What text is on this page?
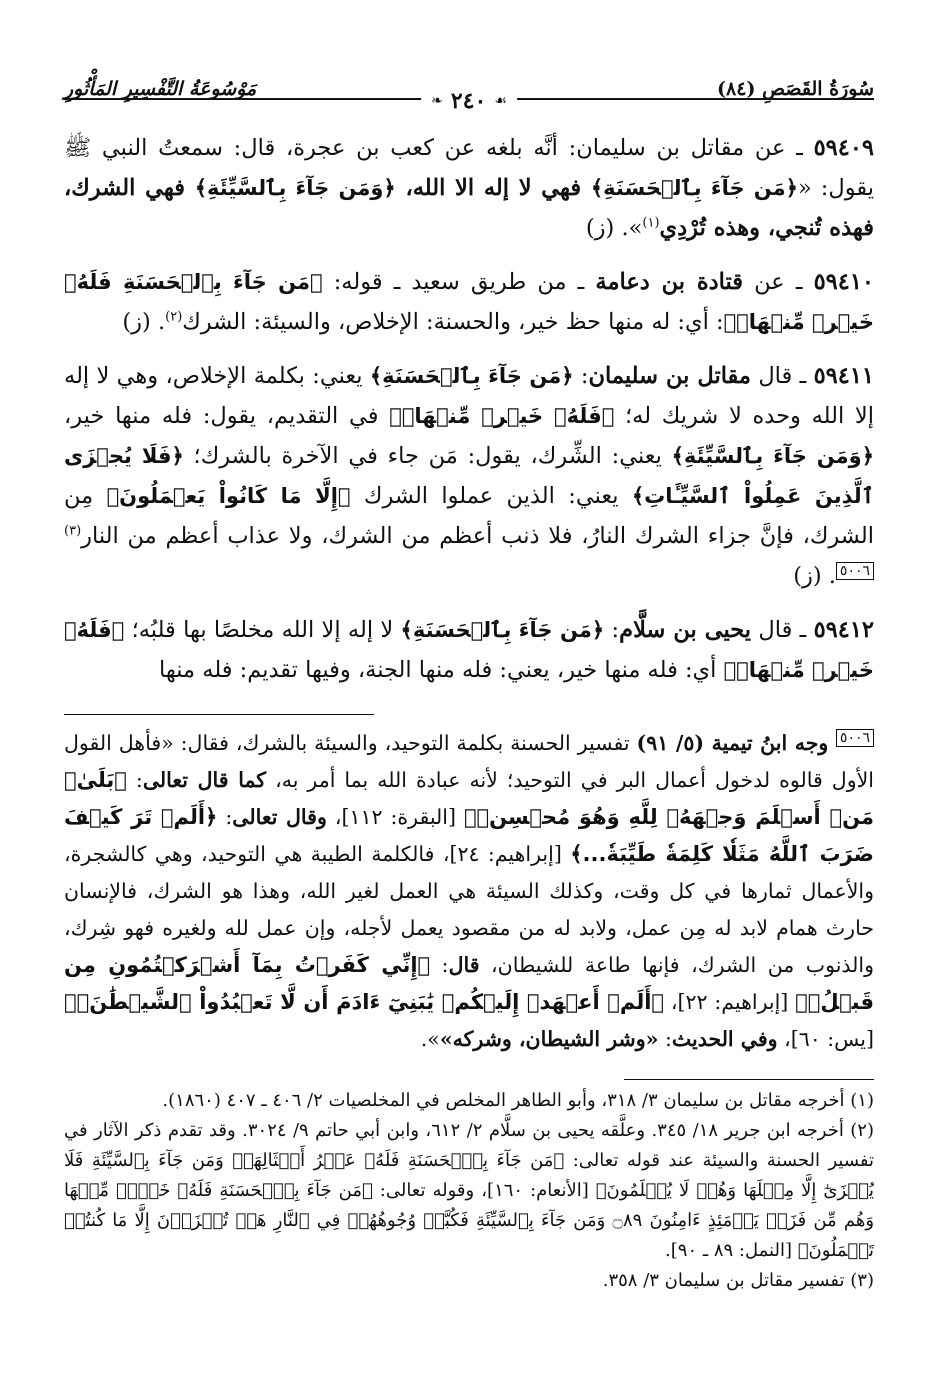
سُورَةُ القَصَصِ (٨٤)
مَوْسُوعَةُ التَّفْسِيرِ المَأْثُورِ
❧ ٢٤٠ ☙

٥٩٤٠٩ ـ عن مقاتل بن سليمان: أنَّه بلغه عن كعب بن عجرة، قال: سمعتُ النبي ﷺ يقول: «﴿مَن جَآءَ بِٱلۡحَسَنَةِ﴾ فهي لا إله الا الله، ﴿وَمَن جَآءَ بِٱلسَّيِّئَةِ﴾ فهي الشرك، فهذه تُنجي، وهذه تُرْدِي$^{(١)}$». (ز)

٥٩٤١٠ ـ عن قتادة بن دعامة ـ من طريق سعيد ـ قوله: ﴿مَن جَآءَ بِٱلۡحَسَنَةِ فَلَهُۥ خَيۡرٞ مِّنۡهَاۖ﴾: أي: له منها حظ خير، والحسنة: الإخلاص، والسيئة: الشرك$^{(٢)}$. (ز)

٥٩٤١١ ـ قال مقاتل بن سليمان: ﴿مَن جَآءَ بِٱلۡحَسَنَةِ﴾ يعني: بكلمة الإخلاص، وهي لا إله إلا الله وحده لا شريك له؛ ﴿فَلَهُۥ خَيۡرٞ مِّنۡهَاۖ﴾ في التقديم، يقول: فله منها خير، ﴿وَمَن جَآءَ بِٱلسَّيِّئَةِ﴾ يعني: الشِّرك، يقول: مَن جاء في الآخرة بالشرك؛ ﴿فَلَا يُجۡزَى ٱلَّذِينَ عَمِلُواْ ٱلسَّيِّـَٔاتِ﴾ يعني: الذين عملوا الشرك ﴿إِلَّا مَا كَانُواْ يَعۡمَلُونَ﴾ مِن الشرك، فإنَّ جزاء الشرك النارُ، فلا ذنب أعظم من الشرك، ولا عذاب أعظم من النار$^{(٣)}$٥٠٠٦. (ز)

٥٩٤١٢ ـ قال يحيى بن سلَّام: ﴿مَن جَآءَ بِٱلۡحَسَنَةِ﴾ لا إله إلا الله مخلصًا بها قلبُه؛ ﴿فَلَهُۥ خَيۡرٞ مِّنۡهَاۖ﴾ أي: فله منها خير، يعني: فله منها الجنة، وفيها تقديم: فله منها

٥٠٠٦ وجه ابنُ تيمية (٥/ ٩١) تفسير الحسنة بكلمة التوحيد، والسيئة بالشرك، فقال: «فأهل القول الأول قالوه لدخول أعمال البر في التوحيد؛ لأنه عبادة الله بما أمر به، كما قال تعالى: ﴿بَلَىٰۚ مَنۡ أَسۡلَمَ وَجۡهَهُۥ لِلَّهِ وَهُوَ مُحۡسِنٞ﴾ [البقرة: ١١٢]، وقال تعالى: ﴿أَلَمۡ تَرَ كَيۡفَ ضَرَبَ ٱللَّهُ مَثَلٗا كَلِمَةٗ طَيِّبَةٗ...﴾ [إبراهيم: ٢٤]، فالكلمة الطيبة هي التوحيد، وهي كالشجرة، والأعمال ثمارها في كل وقت، وكذلك السيئة هي العمل لغير الله، وهذا هو الشرك، فالإنسان حارث همام لابد له مِن عمل، ولابد له من مقصود يعمل لأجله، وإن عمل لله ولغيره فهو شِرك، والذنوب من الشرك، فإنها طاعة للشيطان، قال: ﴿إِنِّي كَفَرۡتُ بِمَآ أَشۡرَكۡتُمُونِ مِن قَبۡلُۗ﴾ [إبراهيم: ٢٢]، ﴿أَلَمۡ أَعۡهَدۡ إِلَيۡكُمۡ يَٰبَنِيٓ ءَادَمَ أَن لَّا تَعۡبُدُواْ ٱلشَّيۡطَٰنَۖ﴾ [يس: ٦٠]، وفي الحديث: «وشر الشيطان، وشركه»».

(١) أخرجه مقاتل بن سليمان ٣/ ٣١٨، وأبو الطاهر المخلص في المخلصيات ٢/ ٤٠٦ ـ ٤٠٧ (١٨٦٠).

(٢) أخرجه ابن جرير ١٨/ ٣٤٥. وعلَّقه يحيى بن سلَّام ٢/ ٦١٢، وابن أبي حاتم ٩/ ٣٠٢٤. وقد تقدم ذكر الآثار في تفسير الحسنة والسيئة عند قوله تعالى: ﴿مَن جَآءَ بِٱلۡحَسَنَةِ فَلَهُۥ عَشۡرُ أَمۡثَالِهَاۖ وَمَن جَآءَ بِٱلسَّيِّئَةِ فَلَا يُجۡزَىٰٓ إِلَّا مِثۡلَهَا وَهُمۡ لَا يُظۡلَمُونَ﴾ [الأنعام: ١٦٠]، وقوله تعالى: ﴿مَن جَآءَ بِٱلۡحَسَنَةِ فَلَهُۥ خَيۡرٞ مِّنۡهَا وَهُم مِّن فَزَعٖ يَوۡمَئِذٍ ءَامِنُونَ ۝٨٩ وَمَن جَآءَ بِٱلسَّيِّئَةِ فَكُبَّتۡ وُجُوهُهُمۡ فِي ٱلنَّارِ هَلۡ تُجۡزَوۡنَ إِلَّا مَا كُنتُمۡ تَعۡمَلُونَ﴾ [النمل: ٨٩ ـ ٩٠].

(٣) تفسير مقاتل بن سليمان ٣/ ٣٥٨.
